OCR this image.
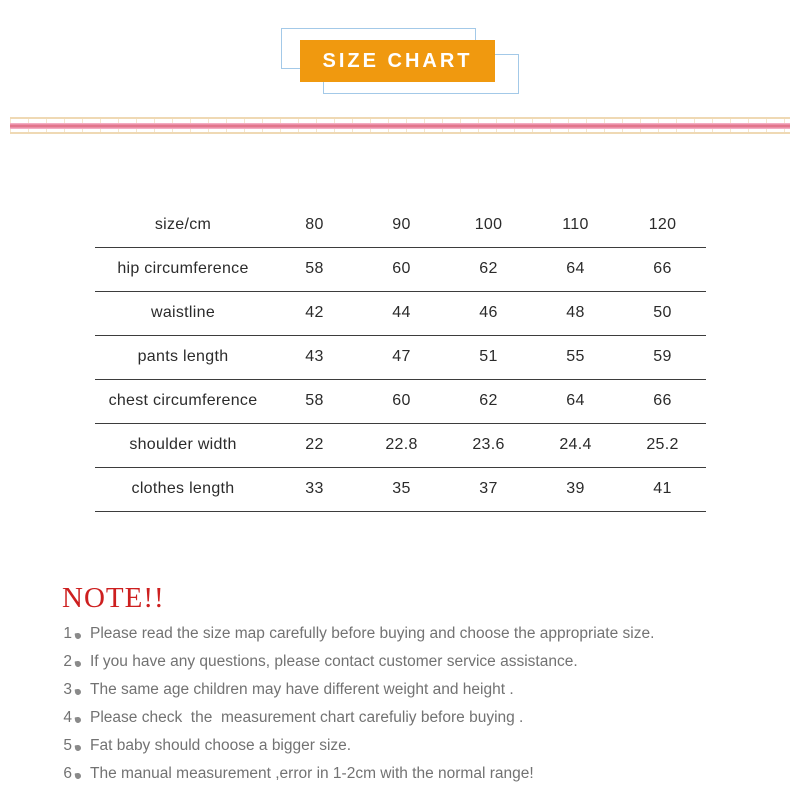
SIZE CHART
size/cm	80	90	100	110	120
hip circumference	58	60	62	64	66
waistline	42	44	46	48	50
pants length	43	47	51	55	59
chest circumference	58	60	62	64	66
shoulder width	22	22.8	23.6	24.4	25.2
clothes length	33	35	37	39	41
NOTE!!
1 Please read the size map carefully before buying and choose the appropriate size.
2 If you have any questions, please contact customer service assistance.
3 The same age children may have different weight and height .
4 Please check  the  measurement chart carefuliy before buying .
5 Fat baby should choose a bigger size.
6 The manual measurement ,error in 1-2cm with the normal range!
